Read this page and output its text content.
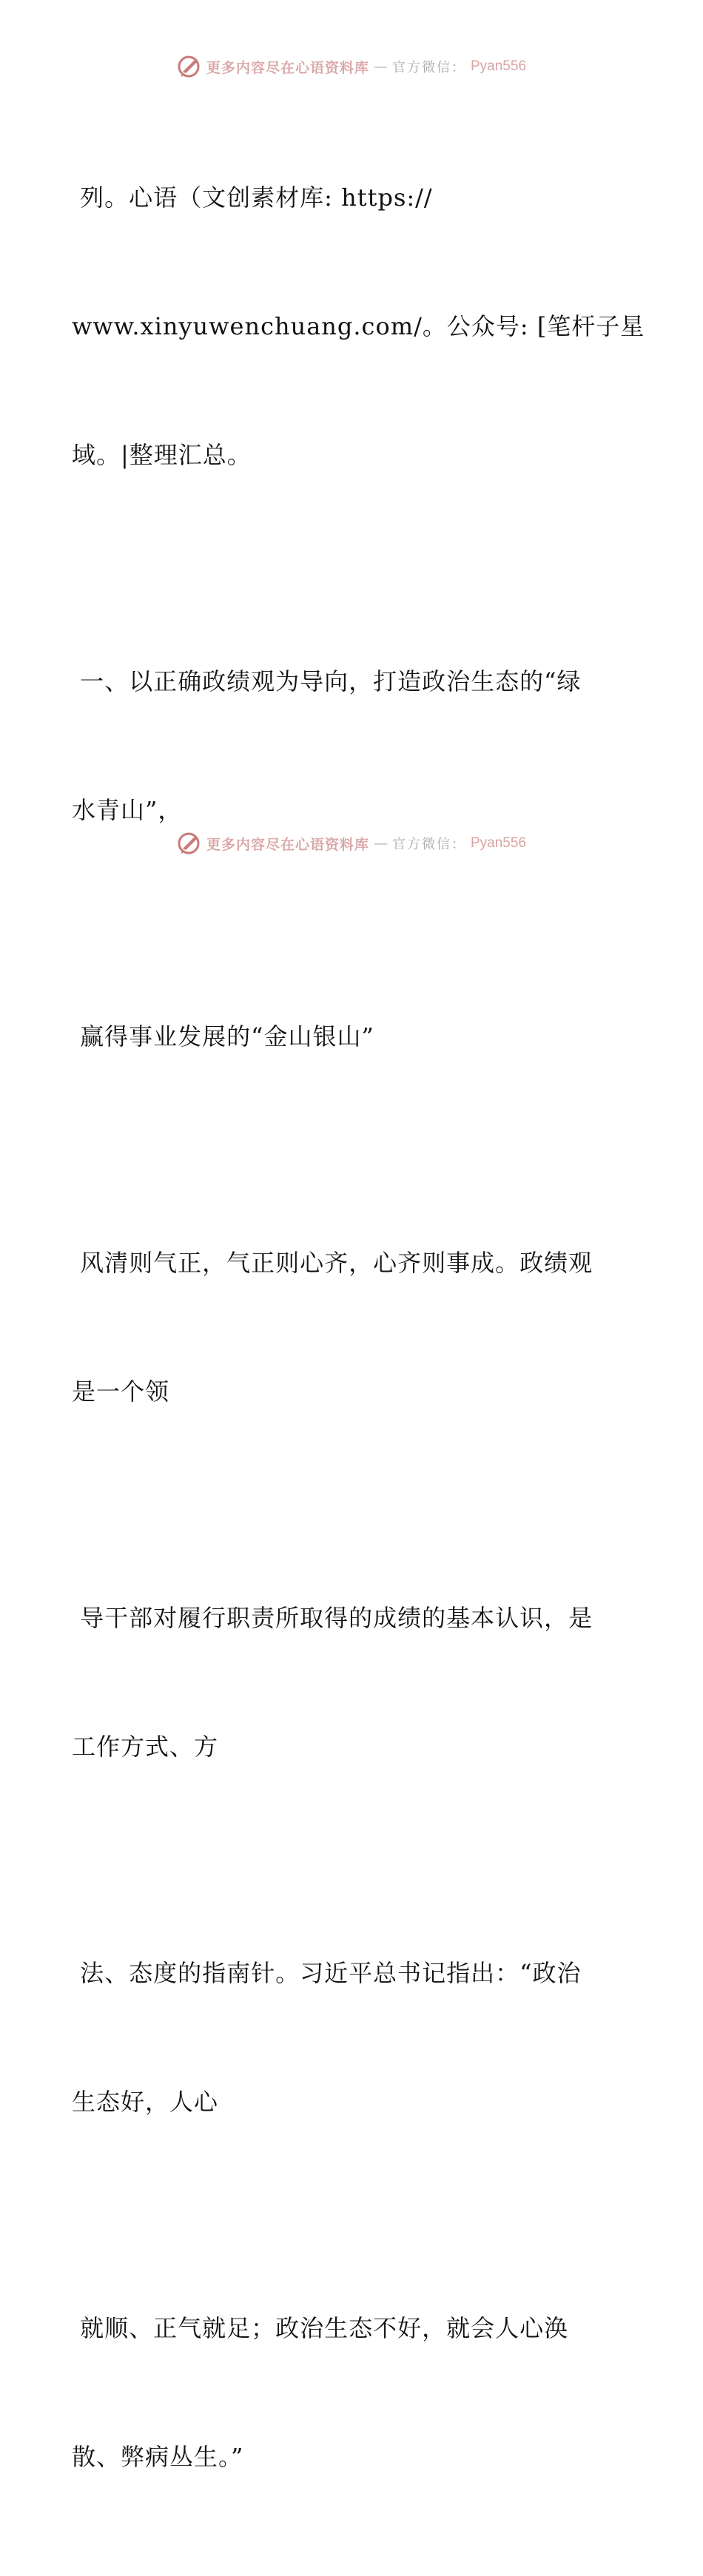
更多内容尽在心语资料库 — 官方微信： Pyan556

列。心语（文创素材库: https://

www.xinyuwenchuang.com/。公众号: [笔杆子星

域。|整理汇总。

一、以正确政绩观为导向，打造政治生态的“绿

水青山”，

赢得事业发展的“金山银山”

风清则气正，气正则心齐，心齐则事成。政绩观

是一个领

导干部对履行职责所取得的成绩的基本认识，是

工作方式、方

法、态度的指南针。习近平总书记指出：“政治

生态好，人心

就顺、正气就足；政治生态不好，就会人心涣

散、弊病丛生。”

更多内容尽在心语资料库 — 官方微信： Pyan556
